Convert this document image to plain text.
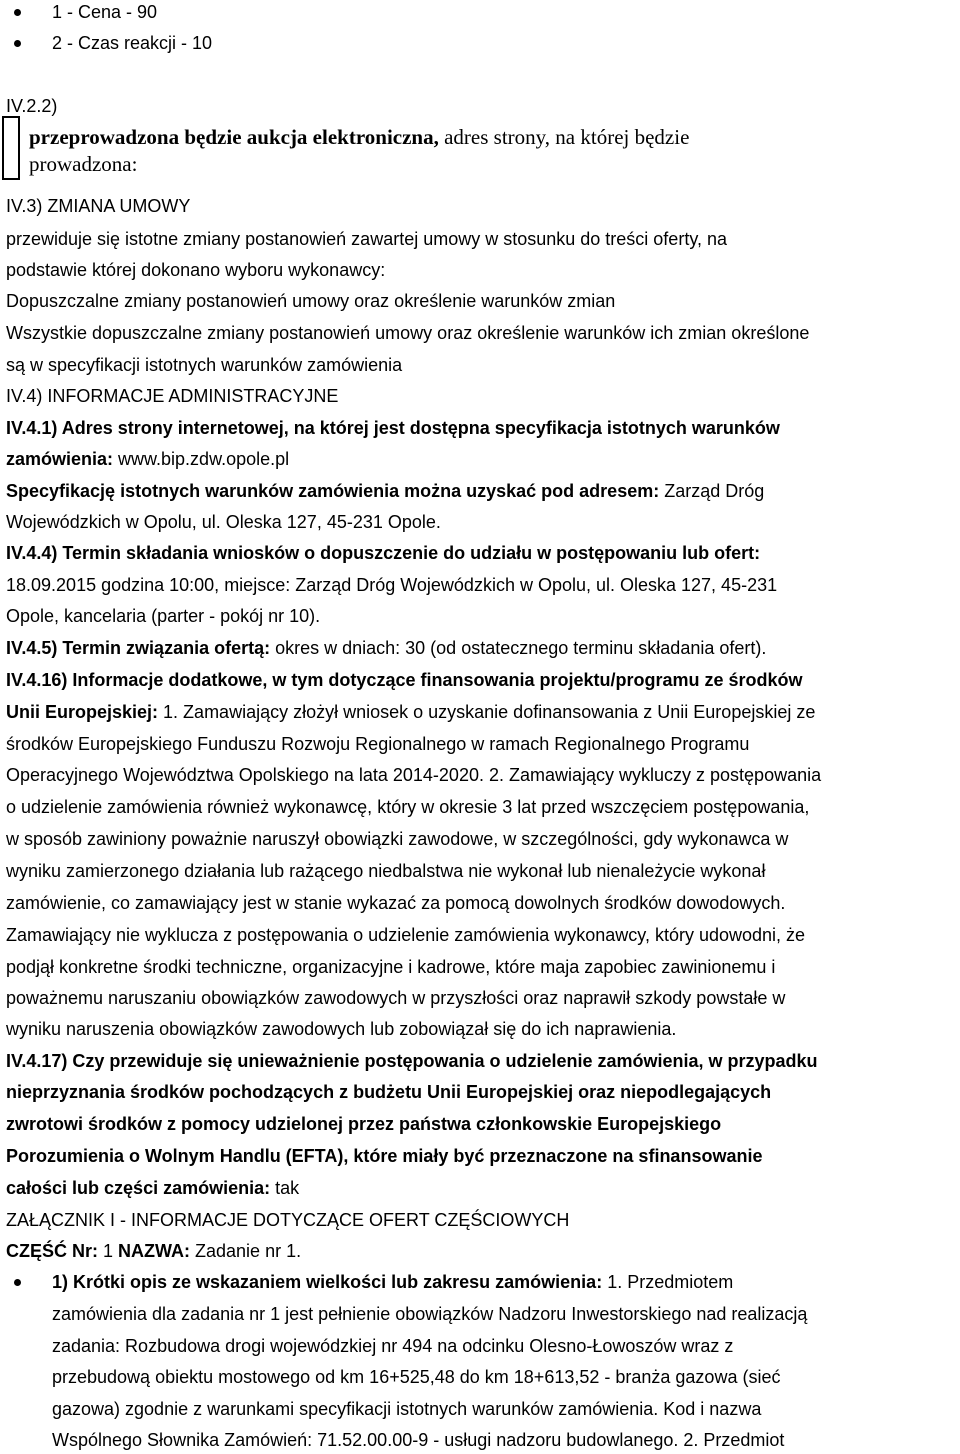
1 - Cena - 90
2 - Czas reakcji - 10
IV.2.2)
przeprowadzona będzie aukcja elektroniczna, adres strony, na której będzie
prowadzona:
IV.3) ZMIANA UMOWY
przewiduje się istotne zmiany postanowień zawartej umowy w stosunku do treści oferty, na
podstawie której dokonano wyboru wykonawcy:
Dopuszczalne zmiany postanowień umowy oraz określenie warunków zmian
Wszystkie dopuszczalne zmiany postanowień umowy oraz określenie warunków ich zmian określone
są w specyfikacji istotnych warunków zamówienia
IV.4) INFORMACJE ADMINISTRACYJNE
IV.4.1) Adres strony internetowej, na której jest dostępna specyfikacja istotnych warunków
zamówienia: www.bip.zdw.opole.pl
Specyfikację istotnych warunków zamówienia można uzyskać pod adresem: Zarząd Dróg
Wojewódzkich w Opolu, ul. Oleska 127, 45-231 Opole.
IV.4.4) Termin składania wniosków o dopuszczenie do udziału w postępowaniu lub ofert:
18.09.2015 godzina 10:00, miejsce: Zarząd Dróg Wojewódzkich w Opolu, ul. Oleska 127, 45-231
Opole, kancelaria (parter - pokój nr 10).
IV.4.5) Termin związania ofertą: okres w dniach: 30 (od ostatecznego terminu składania ofert).
IV.4.16) Informacje dodatkowe, w tym dotyczące finansowania projektu/programu ze środków
Unii Europejskiej: 1. Zamawiający złożył wniosek o uzyskanie dofinansowania z Unii Europejskiej ze
środków Europejskiego Funduszu Rozwoju Regionalnego w ramach Regionalnego Programu
Operacyjnego Województwa Opolskiego na lata 2014-2020. 2. Zamawiający wykluczy z postępowania
o udzielenie zamówienia również wykonawcę, który w okresie 3 lat przed wszczęciem postępowania,
w sposób zawiniony poważnie naruszył obowiązki zawodowe, w szczególności, gdy wykonawca w
wyniku zamierzonego działania lub rażącego niedbalstwa nie wykonał lub nienależycie wykonał
zamówienie, co zamawiający jest w stanie wykazać za pomocą dowolnych środków dowodowych.
Zamawiający nie wyklucza z postępowania o udzielenie zamówienia wykonawcy, który udowodni, że
podjął konkretne środki techniczne, organizacyjne i kadrowe, które maja zapobiec zawinionemu i
poważnemu naruszaniu obowiązków zawodowych w przyszłości oraz naprawił szkody powstałe w
wyniku naruszenia obowiązków zawodowych lub zobowiązał się do ich naprawienia.
IV.4.17) Czy przewiduje się unieważnienie postępowania o udzielenie zamówienia, w przypadku
nieprzyznania środków pochodzących z budżetu Unii Europejskiej oraz niepodlegających
zwrotowi środków z pomocy udzielonej przez państwa członkowskie Europejskiego
Porozumienia o Wolnym Handlu (EFTA), które miały być przeznaczone na sfinansowanie
całości lub części zamówienia: tak
ZAŁĄCZNIK I - INFORMACJE DOTYCZĄCE OFERT CZĘŚCIOWYCH
CZĘŚĆ Nr: 1 NAZWA: Zadanie nr 1.
1) Krótki opis ze wskazaniem wielkości lub zakresu zamówienia: 1. Przedmiotem
zamówienia dla zadania nr 1 jest pełnienie obowiązków Nadzoru Inwestorskiego nad realizacją
zadania: Rozbudowa drogi wojewódzkiej nr 494 na odcinku Olesno-Łowoszów wraz z
przebudową obiektu mostowego od km 16+525,48 do km 18+613,52 - branża gazowa (sieć
gazowa) zgodnie z warunkami specyfikacji istotnych warunków zamówienia. Kod i nazwa
Wspólnego Słownika Zamówień: 71.52.00.00-9 - usługi nadzoru budowlanego. 2. Przedmiot
